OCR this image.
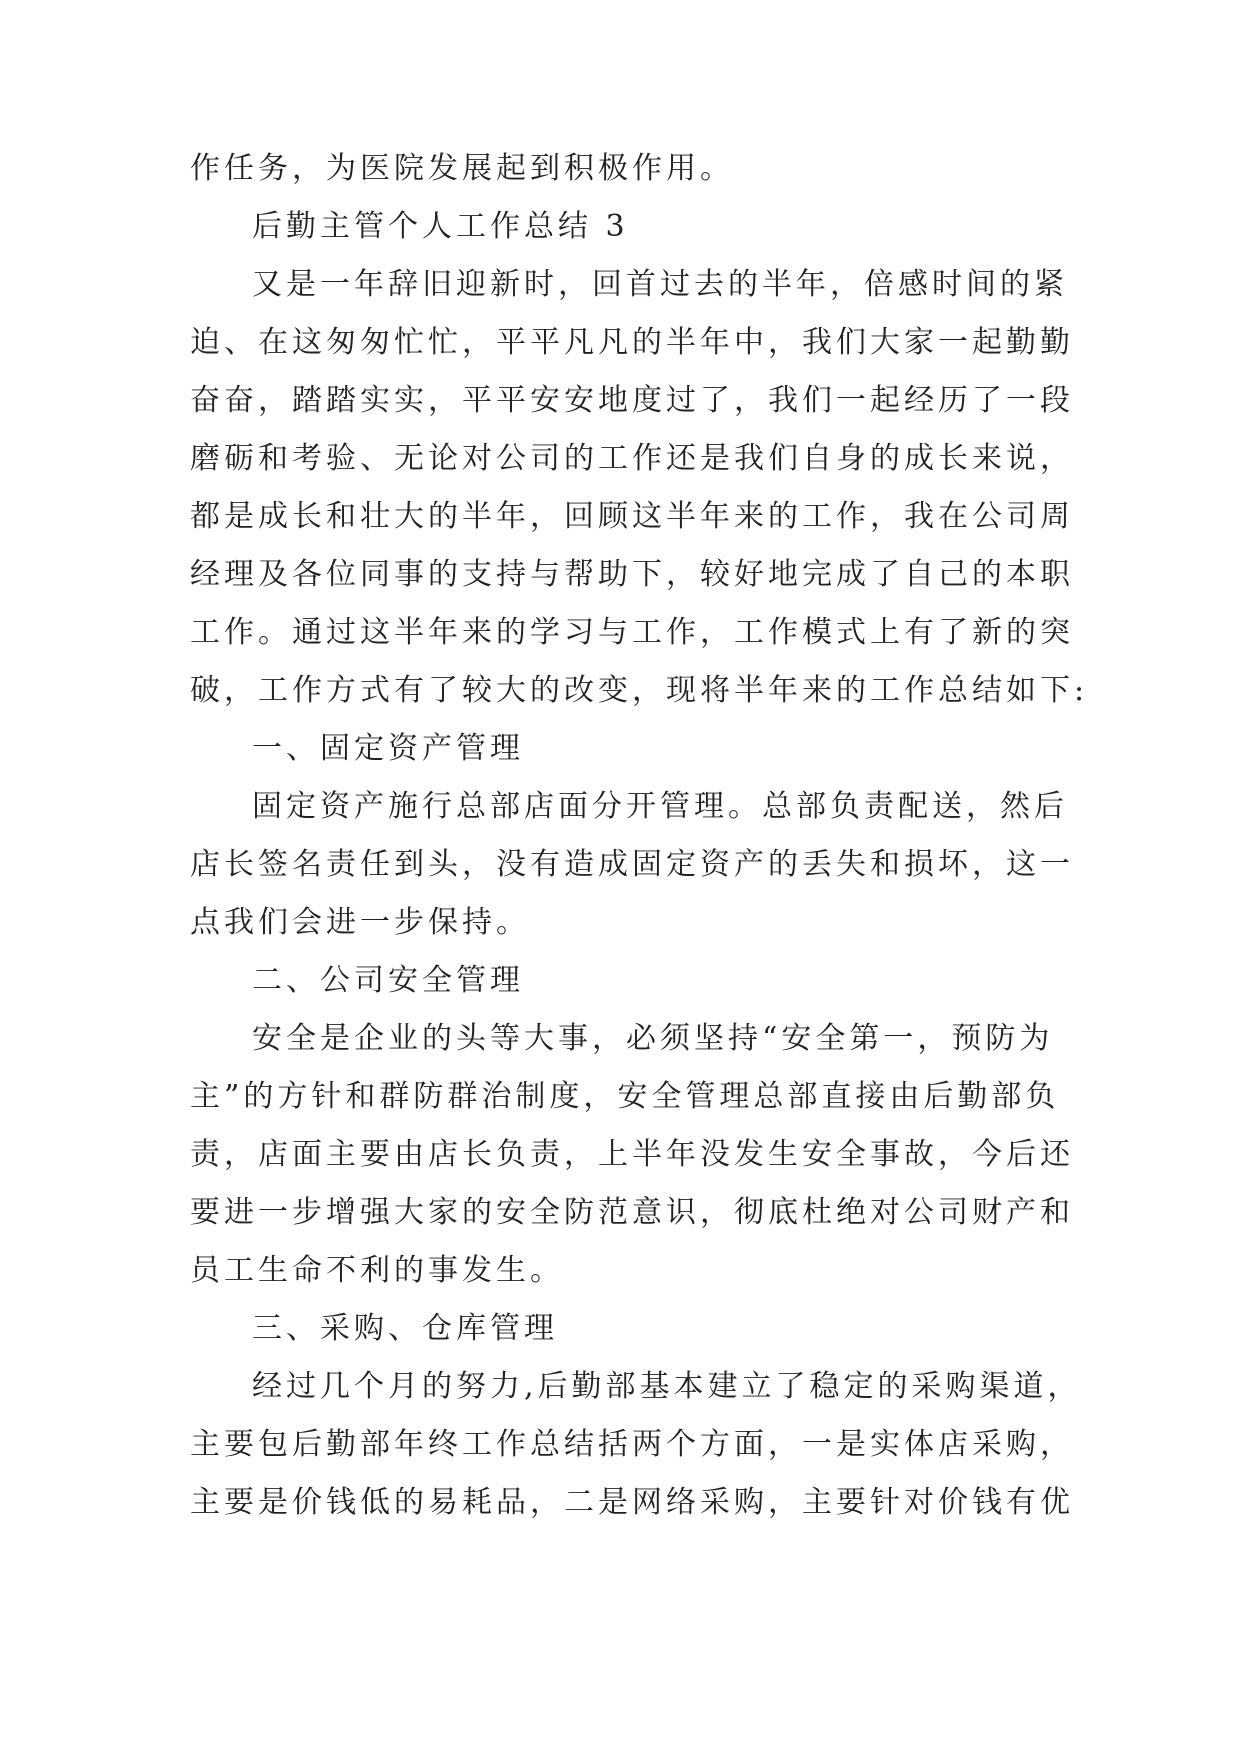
作任务，为医院发展起到积极作用。
后勤主管个人工作总结 3
又是一年辞旧迎新时，回首过去的半年，倍感时间的紧
迫、在这匆匆忙忙，平平凡凡的半年中，我们大家一起勤勤
奋奋，踏踏实实，平平安安地度过了，我们一起经历了一段
磨砺和考验、无论对公司的工作还是我们自身的成长来说，
都是成长和壮大的半年，回顾这半年来的工作，我在公司周
经理及各位同事的支持与帮助下，较好地完成了自己的本职
工作。通过这半年来的学习与工作，工作模式上有了新的突
破，工作方式有了较大的改变，现将半年来的工作总结如下:
一、固定资产管理
固定资产施行总部店面分开管理。总部负责配送，然后
店长签名责任到头，没有造成固定资产的丢失和损坏，这一
点我们会进一步保持。
二、公司安全管理
安全是企业的头等大事，必须坚持“安全第一，预防为
主”的方针和群防群治制度，安全管理总部直接由后勤部负
责，店面主要由店长负责，上半年没发生安全事故，今后还
要进一步增强大家的安全防范意识，彻底杜绝对公司财产和
员工生命不利的事发生。
三、采购、仓库管理
经过几个月的努力,后勤部基本建立了稳定的采购渠道，
主要包后勤部年终工作总结括两个方面，一是实体店采购，
主要是价钱低的易耗品，二是网络采购，主要针对价钱有优
